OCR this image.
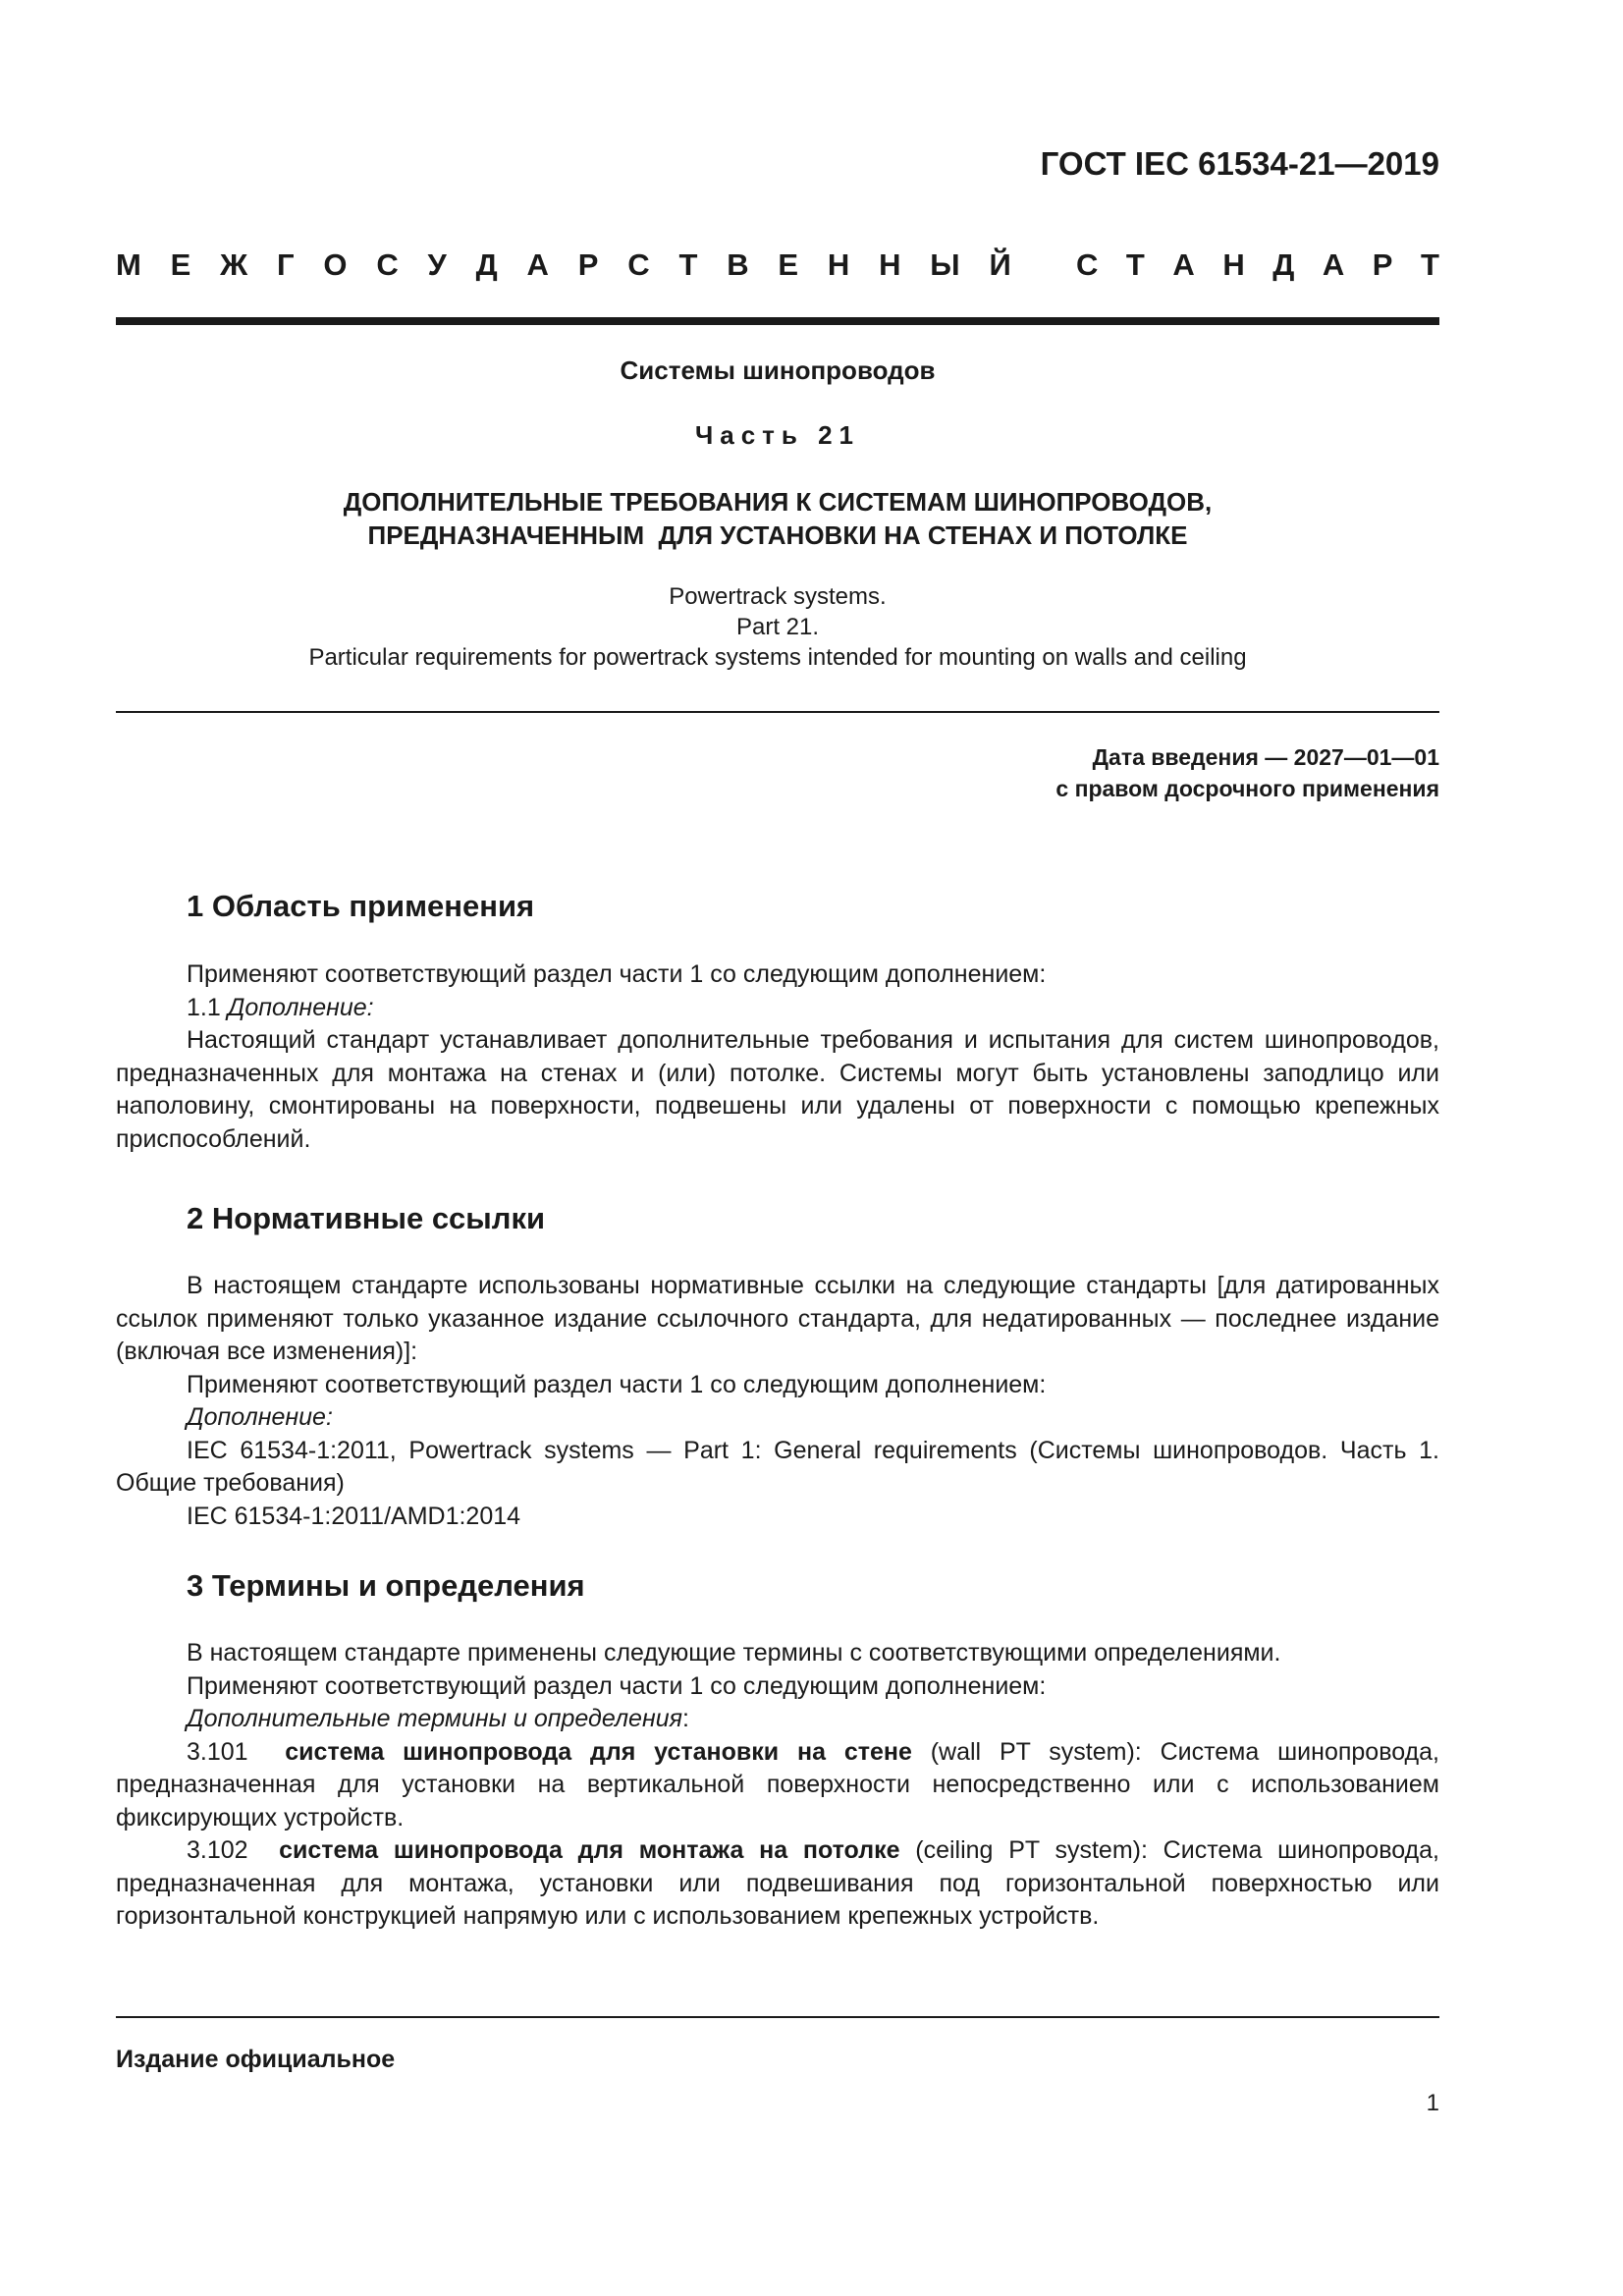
ГОСТ IEC 61534-21—2019
М Е Ж Г О С У Д А Р С Т В Е Н Н Ы Й С Т А Н Д А Р Т
Системы шинопроводов
Часть 21
ДОПОЛНИТЕЛЬНЫЕ ТРЕБОВАНИЯ К СИСТЕМАМ ШИНОПРОВОДОВ,
ПРЕДНАЗНАЧЕННЫМ  ДЛЯ УСТАНОВКИ НА СТЕНАХ И ПОТОЛКЕ
Powertrack systems.
Part 21.
Particular requirements for powertrack systems intended for mounting on walls and ceiling
Дата введения — 2027—01—01
с правом досрочного применения
1 Область применения

Применяют соответствующий раздел части 1 со следующим дополнением:

1.1 Дополнение:

Настоящий стандарт устанавливает дополнительные требования и испытания для систем шинопроводов, предназначенных для монтажа на стенах и (или) потолке. Системы могут быть установлены заподлицо или наполовину, смонтированы на поверхности, подвешены или удалены от поверхности с помощью крепежных приспособлений.

2 Нормативные ссылки

В настоящем стандарте использованы нормативные ссылки на следующие стандарты [для датированных ссылок применяют только указанное издание ссылочного стандарта, для недатированных — последнее издание (включая все изменения)]:

Применяют соответствующий раздел части 1 со следующим дополнением:

Дополнение:

IEC 61534-1:2011, Powertrack systems — Part 1: General requirements (Системы шинопроводов. Часть 1. Общие требования)

IEC 61534-1:2011/AMD1:2014

3 Термины и определения

В настоящем стандарте применены следующие термины с соответствующими определениями.

Применяют соответствующий раздел части 1 со следующим дополнением:

Дополнительные термины и определения:

3.101 система шинопровода для установки на стене (wall PT system): Система шинопровода, предназначенная для установки на вертикальной поверхности непосредственно или с использованием фиксирующих устройств.

3.102 система шинопровода для монтажа на потолке (ceiling PT system): Система шинопровода, предназначенная для монтажа, установки или подвешивания под горизонтальной поверхностью или горизонтальной конструкцией напрямую или с использованием крепежных устройств.

Издание официальное
1
